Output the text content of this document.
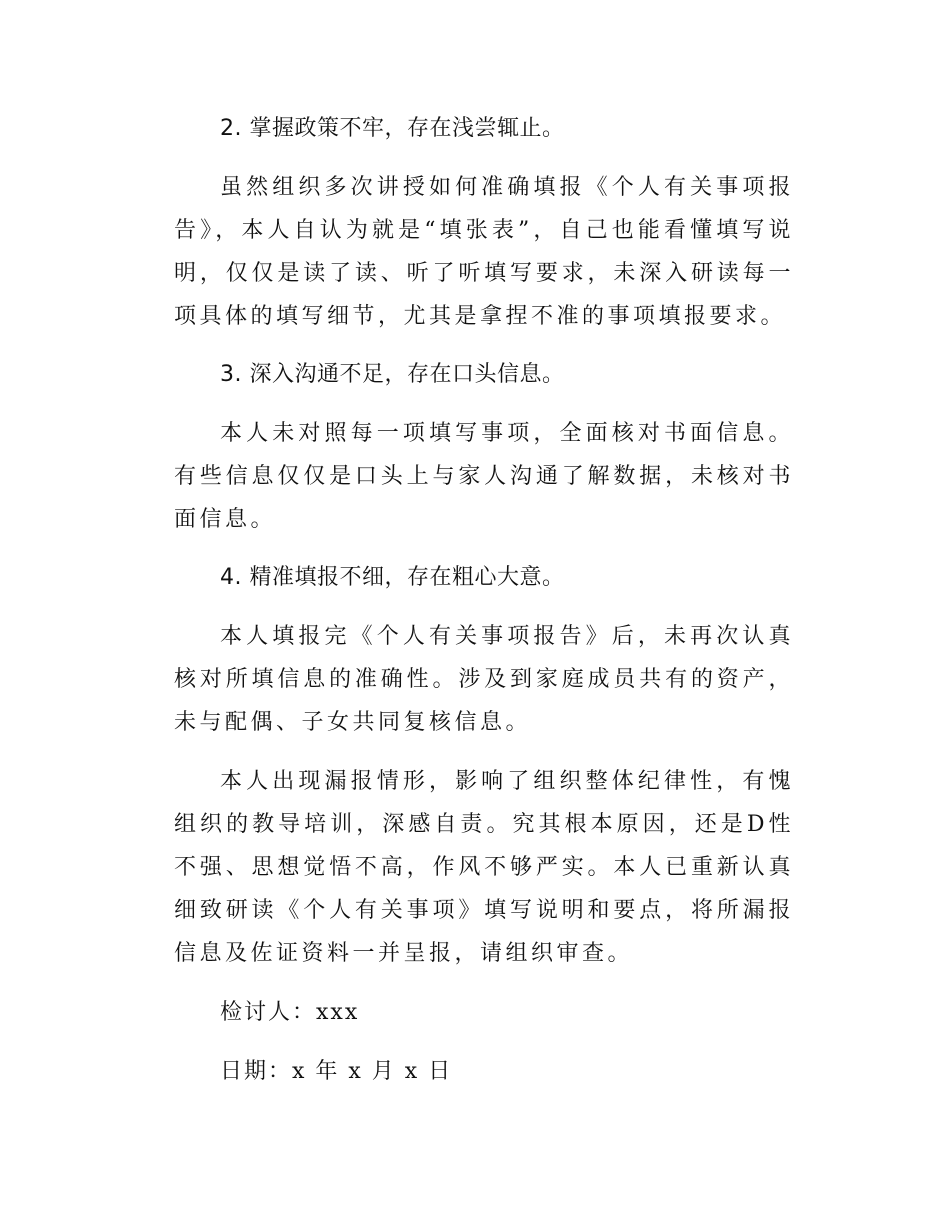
2. 掌握政策不牢，存在浅尝辄止。

虽然组织多次讲授如何准确填报《个人有关事项报告》，本人自认为就是“填张表”，自己也能看懂填写说明，仅仅是读了读、听了听填写要求，未深入研读每一项具体的填写细节，尤其是拿捏不准的事项填报要求。

3. 深入沟通不足，存在口头信息。

本人未对照每一项填写事项，全面核对书面信息。有些信息仅仅是口头上与家人沟通了解数据，未核对书面信息。

4. 精准填报不细，存在粗心大意。

本人填报完《个人有关事项报告》后，未再次认真核对所填信息的准确性。涉及到家庭成员共有的资产，未与配偶、子女共同复核信息。

本人出现漏报情形，影响了组织整体纪律性，有愧组织的教导培训，深感自责。究其根本原因，还是D性不强、思想觉悟不高，作风不够严实。本人已重新认真细致研读《个人有关事项》填写说明和要点，将所漏报信息及佐证资料一并呈报，请组织审查。

检讨人：xxx
日期：x 年 x 月 x 日
